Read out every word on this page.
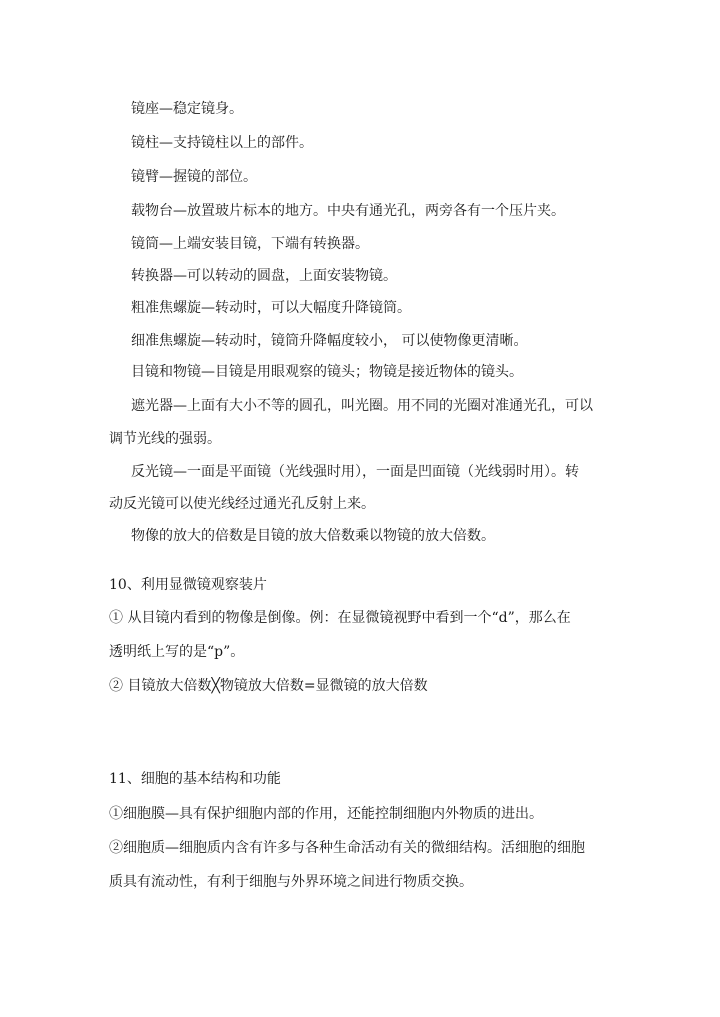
镜座—稳定镜身。
镜柱—支持镜柱以上的部件。
镜臂—握镜的部位。
载物台—放置玻片标本的地方。中央有通光孔，两旁各有一个压片夹。
镜筒—上端安装目镜，下端有转换器。
转换器—可以转动的圆盘，上面安装物镜。
粗准焦螺旋—转动时，可以大幅度升降镜筒。
细准焦螺旋—转动时，镜筒升降幅度较小， 可以使物像更清晰。
目镜和物镜—目镜是用眼观察的镜头；物镜是接近物体的镜头。
遮光器—上面有大小不等的圆孔，叫光圈。用不同的光圈对准通光孔，可以
调节光线的强弱。
反光镜—一面是平面镜（光线强时用），一面是凹面镜（光线弱时用）。转
动反光镜可以使光线经过通光孔反射上来。
物像的放大的倍数是目镜的放大倍数乘以物镜的放大倍数。
10、利用显微镜观察装片
① 从目镜内看到的物像是倒像。例：在显微镜视野中看到一个“d”，那么在
透明纸上写的是“p”。
② 目镜放大倍数╳物镜放大倍数=显微镜的放大倍数
11、细胞的基本结构和功能
①细胞膜—具有保护细胞内部的作用，还能控制细胞内外物质的进出。
②细胞质—细胞质内含有许多与各种生命活动有关的微细结构。活细胞的细胞
质具有流动性，有利于细胞与外界环境之间进行物质交换。
